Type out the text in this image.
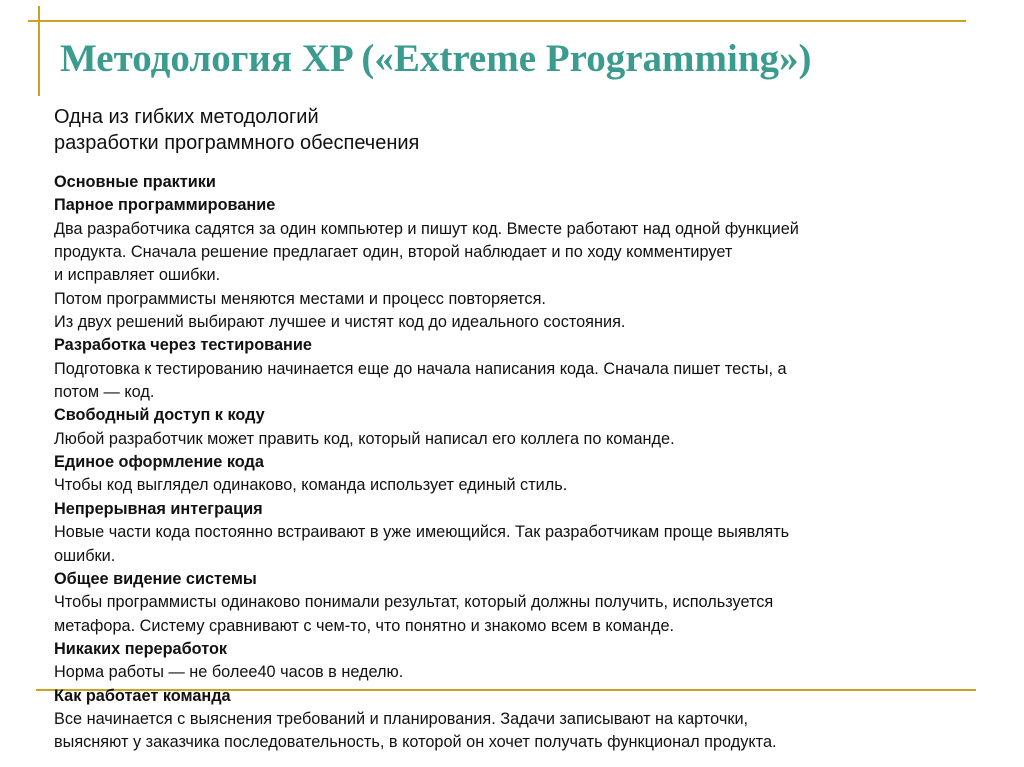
Методология XP («Extreme Programming»)
Одна из гибких методологий
разработки программного обеспечения
Основные практики
Парное программирование
Два разработчика садятся за один компьютер и пишут код. Вместе работают над одной функцией
продукта. Сначала решение предлагает один, второй наблюдает и по ходу комментирует
и исправляет ошибки.
Потом программисты меняются местами и процесс повторяется.
Из двух решений выбирают лучшее и чистят код до идеального состояния.
Разработка через тестирование
Подготовка к тестированию начинается еще до начала написания кода. Сначала пишет тесты, а
потом — код.
Свободный доступ к коду
Любой разработчик может править код, который написал его коллега по команде.
Единое оформление кода
Чтобы код выглядел одинаково, команда использует единый стиль.
Непрерывная интеграция
Новые части кода постоянно встраивают в уже имеющийся. Так разработчикам проще выявлять
ошибки.
Общее видение системы
Чтобы программисты одинаково понимали результат, который должны получить, используется
метафора. Систему сравнивают с чем-то, что понятно и знакомо всем в команде.
Никаких переработок
Норма работы — не более40 часов в неделю.
Как работает команда
Все начинается с выяснения требований и планирования. Задачи записывают на карточки,
выясняют у заказчика последовательность, в которой он хочет получать функционал продукта.
